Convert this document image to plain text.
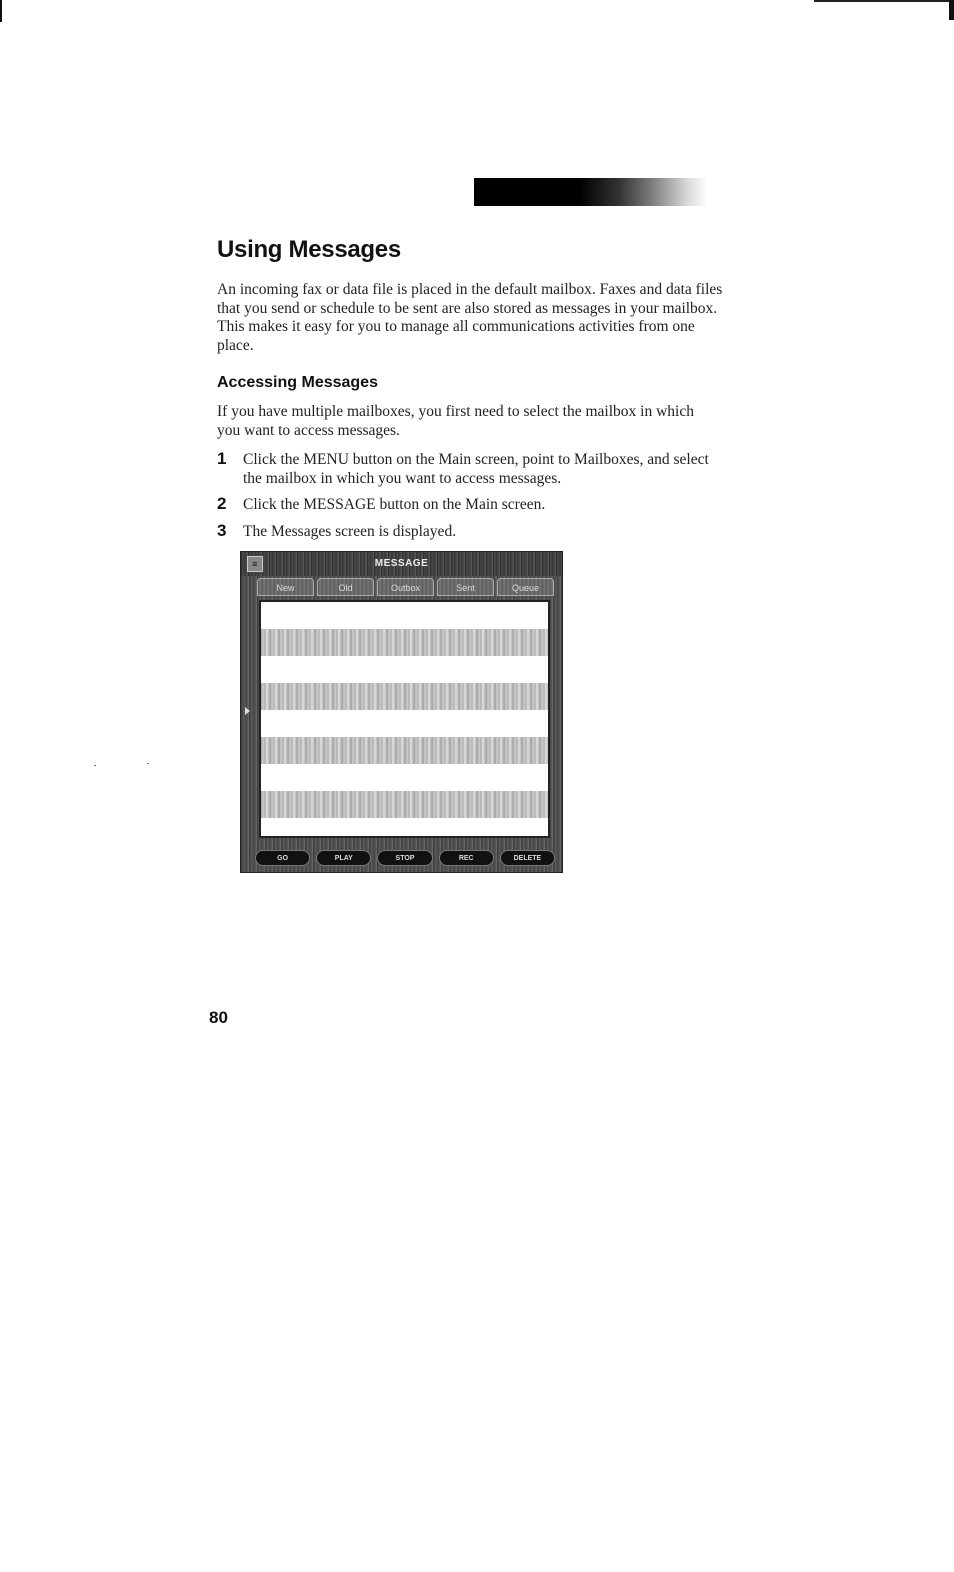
Using Messages

An incoming fax or data file is placed in the default mailbox. Faxes and data files that you send or schedule to be sent are also stored as messages in your mailbox. This makes it easy for you to manage all communications activities from one place.

Accessing Messages

If you have multiple mailboxes, you first need to select the mailbox in which you want to access messages.

1 Click the MENU button on the Main screen, point to Mailboxes, and select the mailbox in which you want to access messages.
2 Click the MESSAGE button on the Main screen.
3 The Messages screen is displayed.
≡	MESSAGE
New	Old	Outbox	Sent	Queue
GO	PLAY	STOP	REC	DELETE

80
